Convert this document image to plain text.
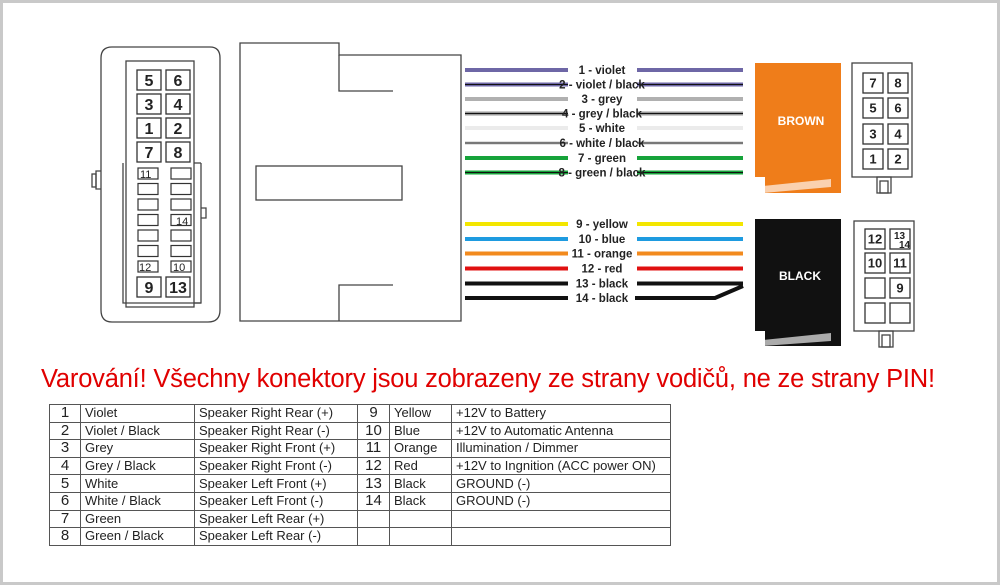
5 6
3 4
1 2
7 8
9 13
11
14
12 10
1 - violet
2 - violet / black
3 - grey
4 - grey / black
5 - white
6 - white / black
7 - green
8 - green / black
9 - yellow
10 - blue
11 - orange
12 - red
13 - black
14 - black
BROWN
BLACK
7 8
5 6
3 4
1 2
12 13
14
10 11
9
Varování! Všechny konektory jsou zobrazeny ze strany vodičů, ne ze strany PIN!
1	Violet	Speaker Right Rear (+)	9	Yellow	+12V to Battery
2	Violet / Black	Speaker Right Rear (-)	10	Blue	+12V to Automatic Antenna
3	Grey	Speaker Right Front (+)	11	Orange	Illumination / Dimmer
4	Grey / Black	Speaker Right Front (-)	12	Red	+12V to Ingnition (ACC power ON)
5	White	Speaker Left Front (+)	13	Black	GROUND (-)
6	White / Black	Speaker Left Front (-)	14	Black	GROUND (-)
7	Green	Speaker Left Rear (+)			
8	Green / Black	Speaker Left Rear (-)			
